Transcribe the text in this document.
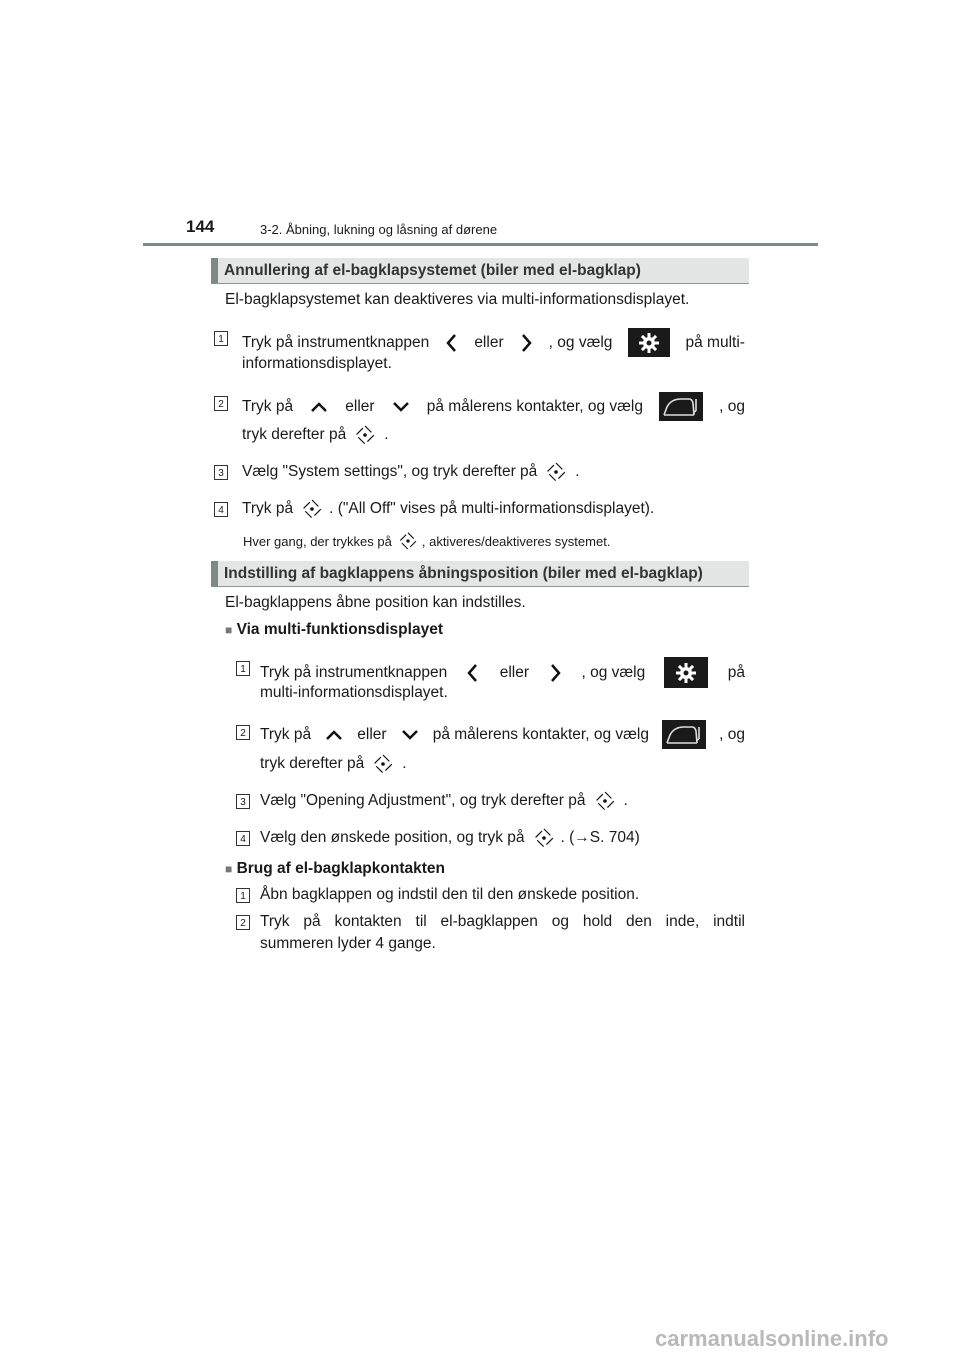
144	3-2. Åbning, lukning og låsning af dørene
Annullering af el-bagklapsystemet (biler med el-bagklap)
El-bagklapsystemet kan deaktiveres via multi-informationsdisplayet.
1 Tryk på instrumentknappen	eller	, og vælg	på multi-
informationsdisplayet.
2 Tryk på	eller	på målerens kontakter, og vælg	, og
tryk derefter på .
3 Vælg "System settings", og tryk derefter på .
4 Tryk på . ("All Off" vises på multi-informationsdisplayet).
Hver gang, der trykkes på , aktiveres/deaktiveres systemet.
Indstilling af bagklappens åbningsposition (biler med el-bagklap)
El-bagklappens åbne position kan indstilles.
■ Via multi-funktionsdisplayet
1 Tryk på instrumentknappen	eller	, og vælg	på
multi-informationsdisplayet.
2 Tryk på	eller	på målerens kontakter, og vælg	, og
tryk derefter på .
3 Vælg "Opening Adjustment", og tryk derefter på .
4 Vælg den ønskede position, og tryk på . ( → S. 704)
■ Brug af el-bagklapkontakten
1 Åbn bagklappen og indstil den til den ønskede position.
2 Tryk på kontakten til el-bagklappen og hold den inde, indtil
summeren lyder 4 gange.
carmanualsonline.info
